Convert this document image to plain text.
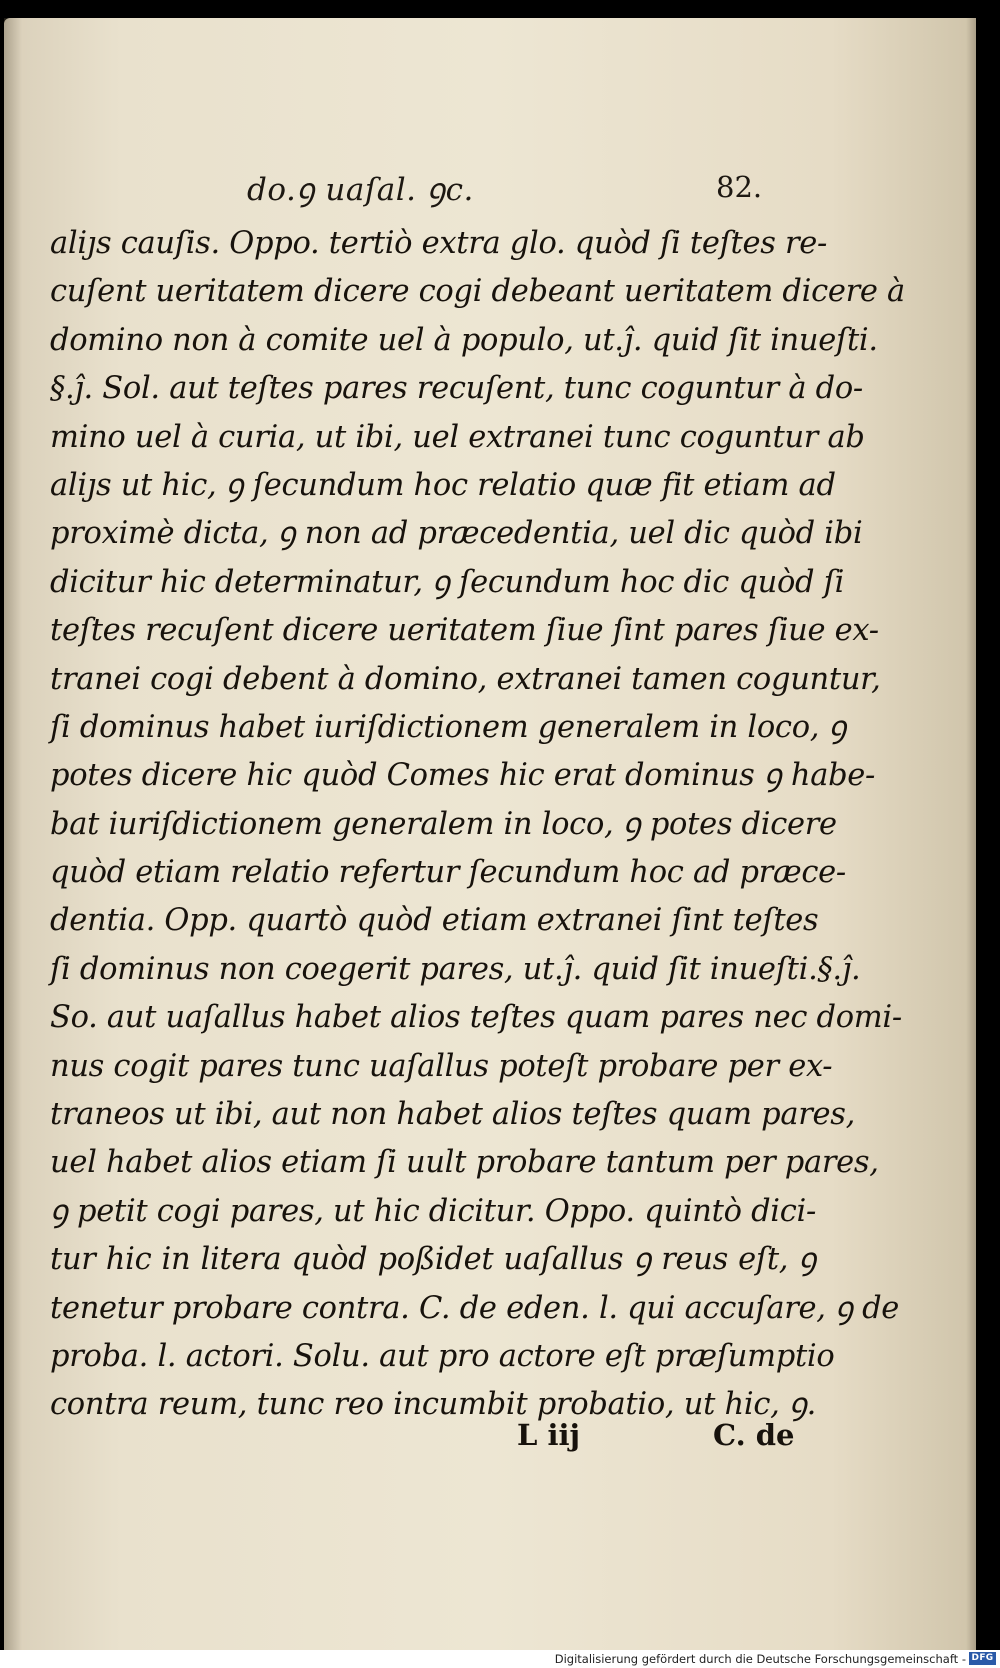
do.ꝯ uaſal. ꝯc.	82.
aliȷs cauſis. Oppo. tertiò extra glo. quòd ſi teſtes re-
cuſent ueritatem dicere cogi debeant ueritatem dicere à
domino non à comite uel à populo, ut.ĵ. quid ſit inueſti.
§.ĵ. Sol. aut teſtes pares recuſent, tunc coguntur à do-
mino uel à curia, ut ibi, uel extranei tunc coguntur ab
aliȷs ut hic, ꝯ ſecundum hoc relatio quæ fit etiam ad
proximè dicta, ꝯ non ad præcedentia, uel dic quòd ibi
dicitur hic determinatur, ꝯ ſecundum hoc dic quòd ſi
teſtes recuſent dicere ueritatem ſiue ſint pares ſiue ex-
tranei cogi debent à domino, extranei tamen coguntur,
ſi dominus habet iuriſdictionem generalem in loco, ꝯ
potes dicere hic quòd Comes hic erat dominus ꝯ habe-
bat iuriſdictionem generalem in loco, ꝯ potes dicere
quòd etiam relatio refertur ſecundum hoc ad præce-
dentia. Opp. quartò quòd etiam extranei ſint teſtes
ſi dominus non coegerit pares, ut.ĵ. quid ſit inueſti.§.ĵ.
So. aut uaſallus habet alios teſtes quam pares nec domi-
nus cogit pares tunc uaſallus poteſt probare per ex-
traneos ut ibi, aut non habet alios teſtes quam pares,
uel habet alios etiam ſi uult probare tantum per pares,
ꝯ petit cogi pares, ut hic dicitur. Oppo. quintò dici-
tur hic in litera quòd poßidet uaſallus ꝯ reus eſt, ꝯ
tenetur probare contra. C. de eden. l. qui accuſare, ꝯ de
proba. l. actori. Solu. aut pro actore eſt præſumptio
contra reum, tunc reo incumbit probatio, ut hic, ꝯ.
L iij	C. de
Digitalisierung gefördert durch die Deutsche Forschungsgemeinschaft - DFG
